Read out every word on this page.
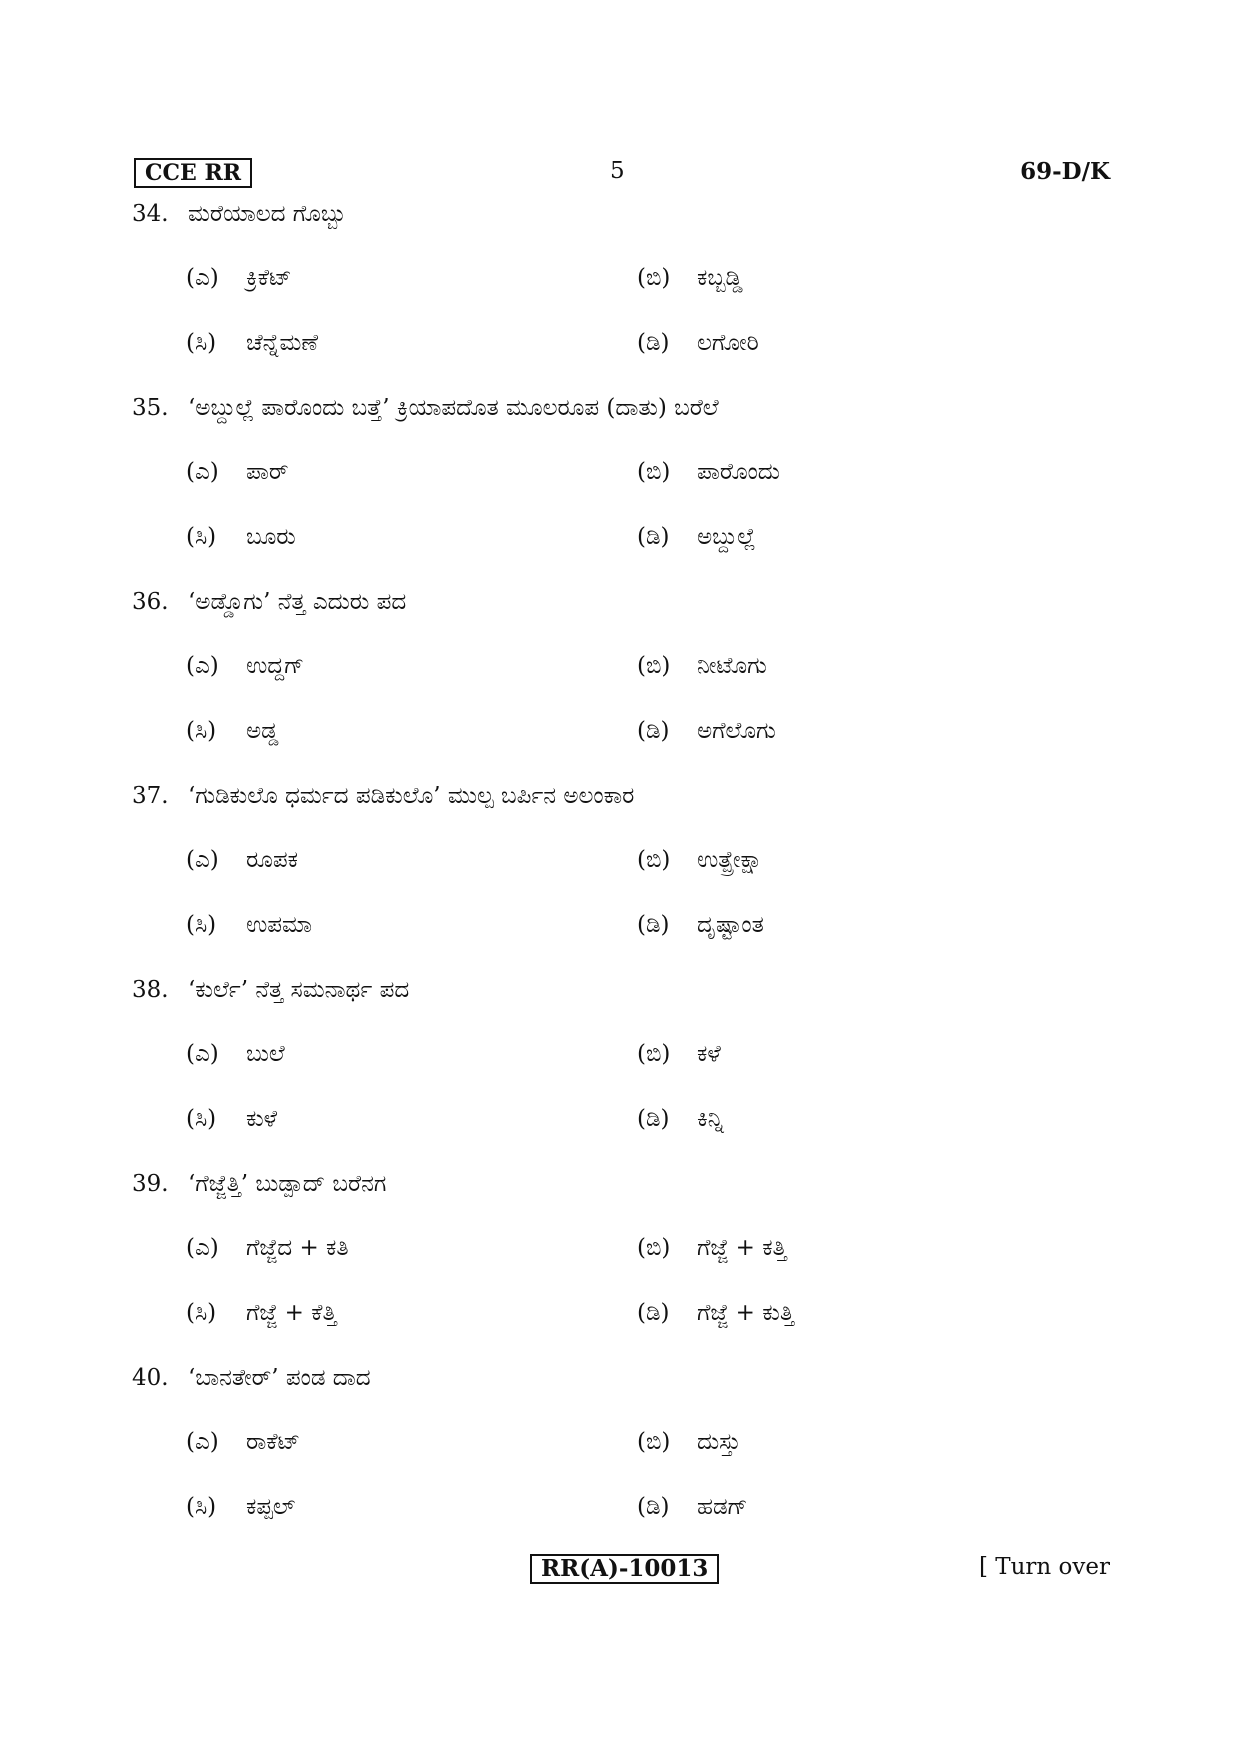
CCE RR	5	69-D/K
34. ಮರೆಯಾಲದ ಗೊಬ್ಬು
(ಎ) ಕ್ರಿಕೆಟ್	(ಬಿ) ಕಬ್ಬಡ್ಡಿ
(ಸಿ) ಚೆನ್ನೆಮಣೆ	(ಡಿ) ಲಗೋರಿ
35. ‘ಅಬ್ದುಲ್ಲೆ ಪಾರೊಂದು ಬತ್ತೆ’ ಕ್ರಿಯಾಪದೊತ ಮೂಲರೂಪ (ದಾತು) ಬರೆಲೆ
(ಎ) ಪಾರ್	(ಬಿ) ಪಾರೊಂದು
(ಸಿ) ಬೂರು	(ಡಿ) ಅಬ್ದುಲ್ಲೆ
36. ‘ಅಡ್ಡೊಗು’ ನೆತ್ತ ಎದುರು ಪದ
(ಎ) ಉದ್ದಗ್	(ಬಿ) ನೀಟೊಗು
(ಸಿ) ಅಡ್ಡ	(ಡಿ) ಅಗೆಲೊಗು
37. ‘ಗುಡಿಕುಲೊ ಧರ್ಮದ ಪಡಿಕುಲೊ’ ಮುಲ್ಪ ಬರ್ಪಿನ ಅಲಂಕಾರ
(ಎ) ರೂಪಕ	(ಬಿ) ಉತ್ಪ್ರೇಕ್ಷಾ
(ಸಿ) ಉಪಮಾ	(ಡಿ) ದೃಷ್ಟಾಂತ
38. ‘ಕುರ್ಲೆ’ ನೆತ್ತ ಸಮನಾರ್ಥ ಪದ
(ಎ) ಬುಲೆ	(ಬಿ) ಕಳೆ
(ಸಿ) ಕುಳೆ	(ಡಿ) ಕಿನ್ನಿ
39. ‘ಗೆಜ್ಜೆತ್ತಿ’ ಬುಡ್ಪಾದ್ ಬರೆನಗ
(ಎ) ಗೆಜ್ಜೆದ + ಕತಿ	(ಬಿ) ಗೆಜ್ಜೆ + ಕತ್ತಿ
(ಸಿ) ಗೆಜ್ಜೆ + ಕೆತ್ತಿ	(ಡಿ) ಗೆಜ್ಜೆ + ಕುತ್ತಿ
40. ‘ಬಾನತೇರ್’ ಪಂಡ ದಾದ
(ಎ) ರಾಕೆಟ್	(ಬಿ) ದುಸ್ತು
(ಸಿ) ಕಪ್ಪಲ್	(ಡಿ) ಹಡಗ್
RR(A)-10013	[ Turn over
